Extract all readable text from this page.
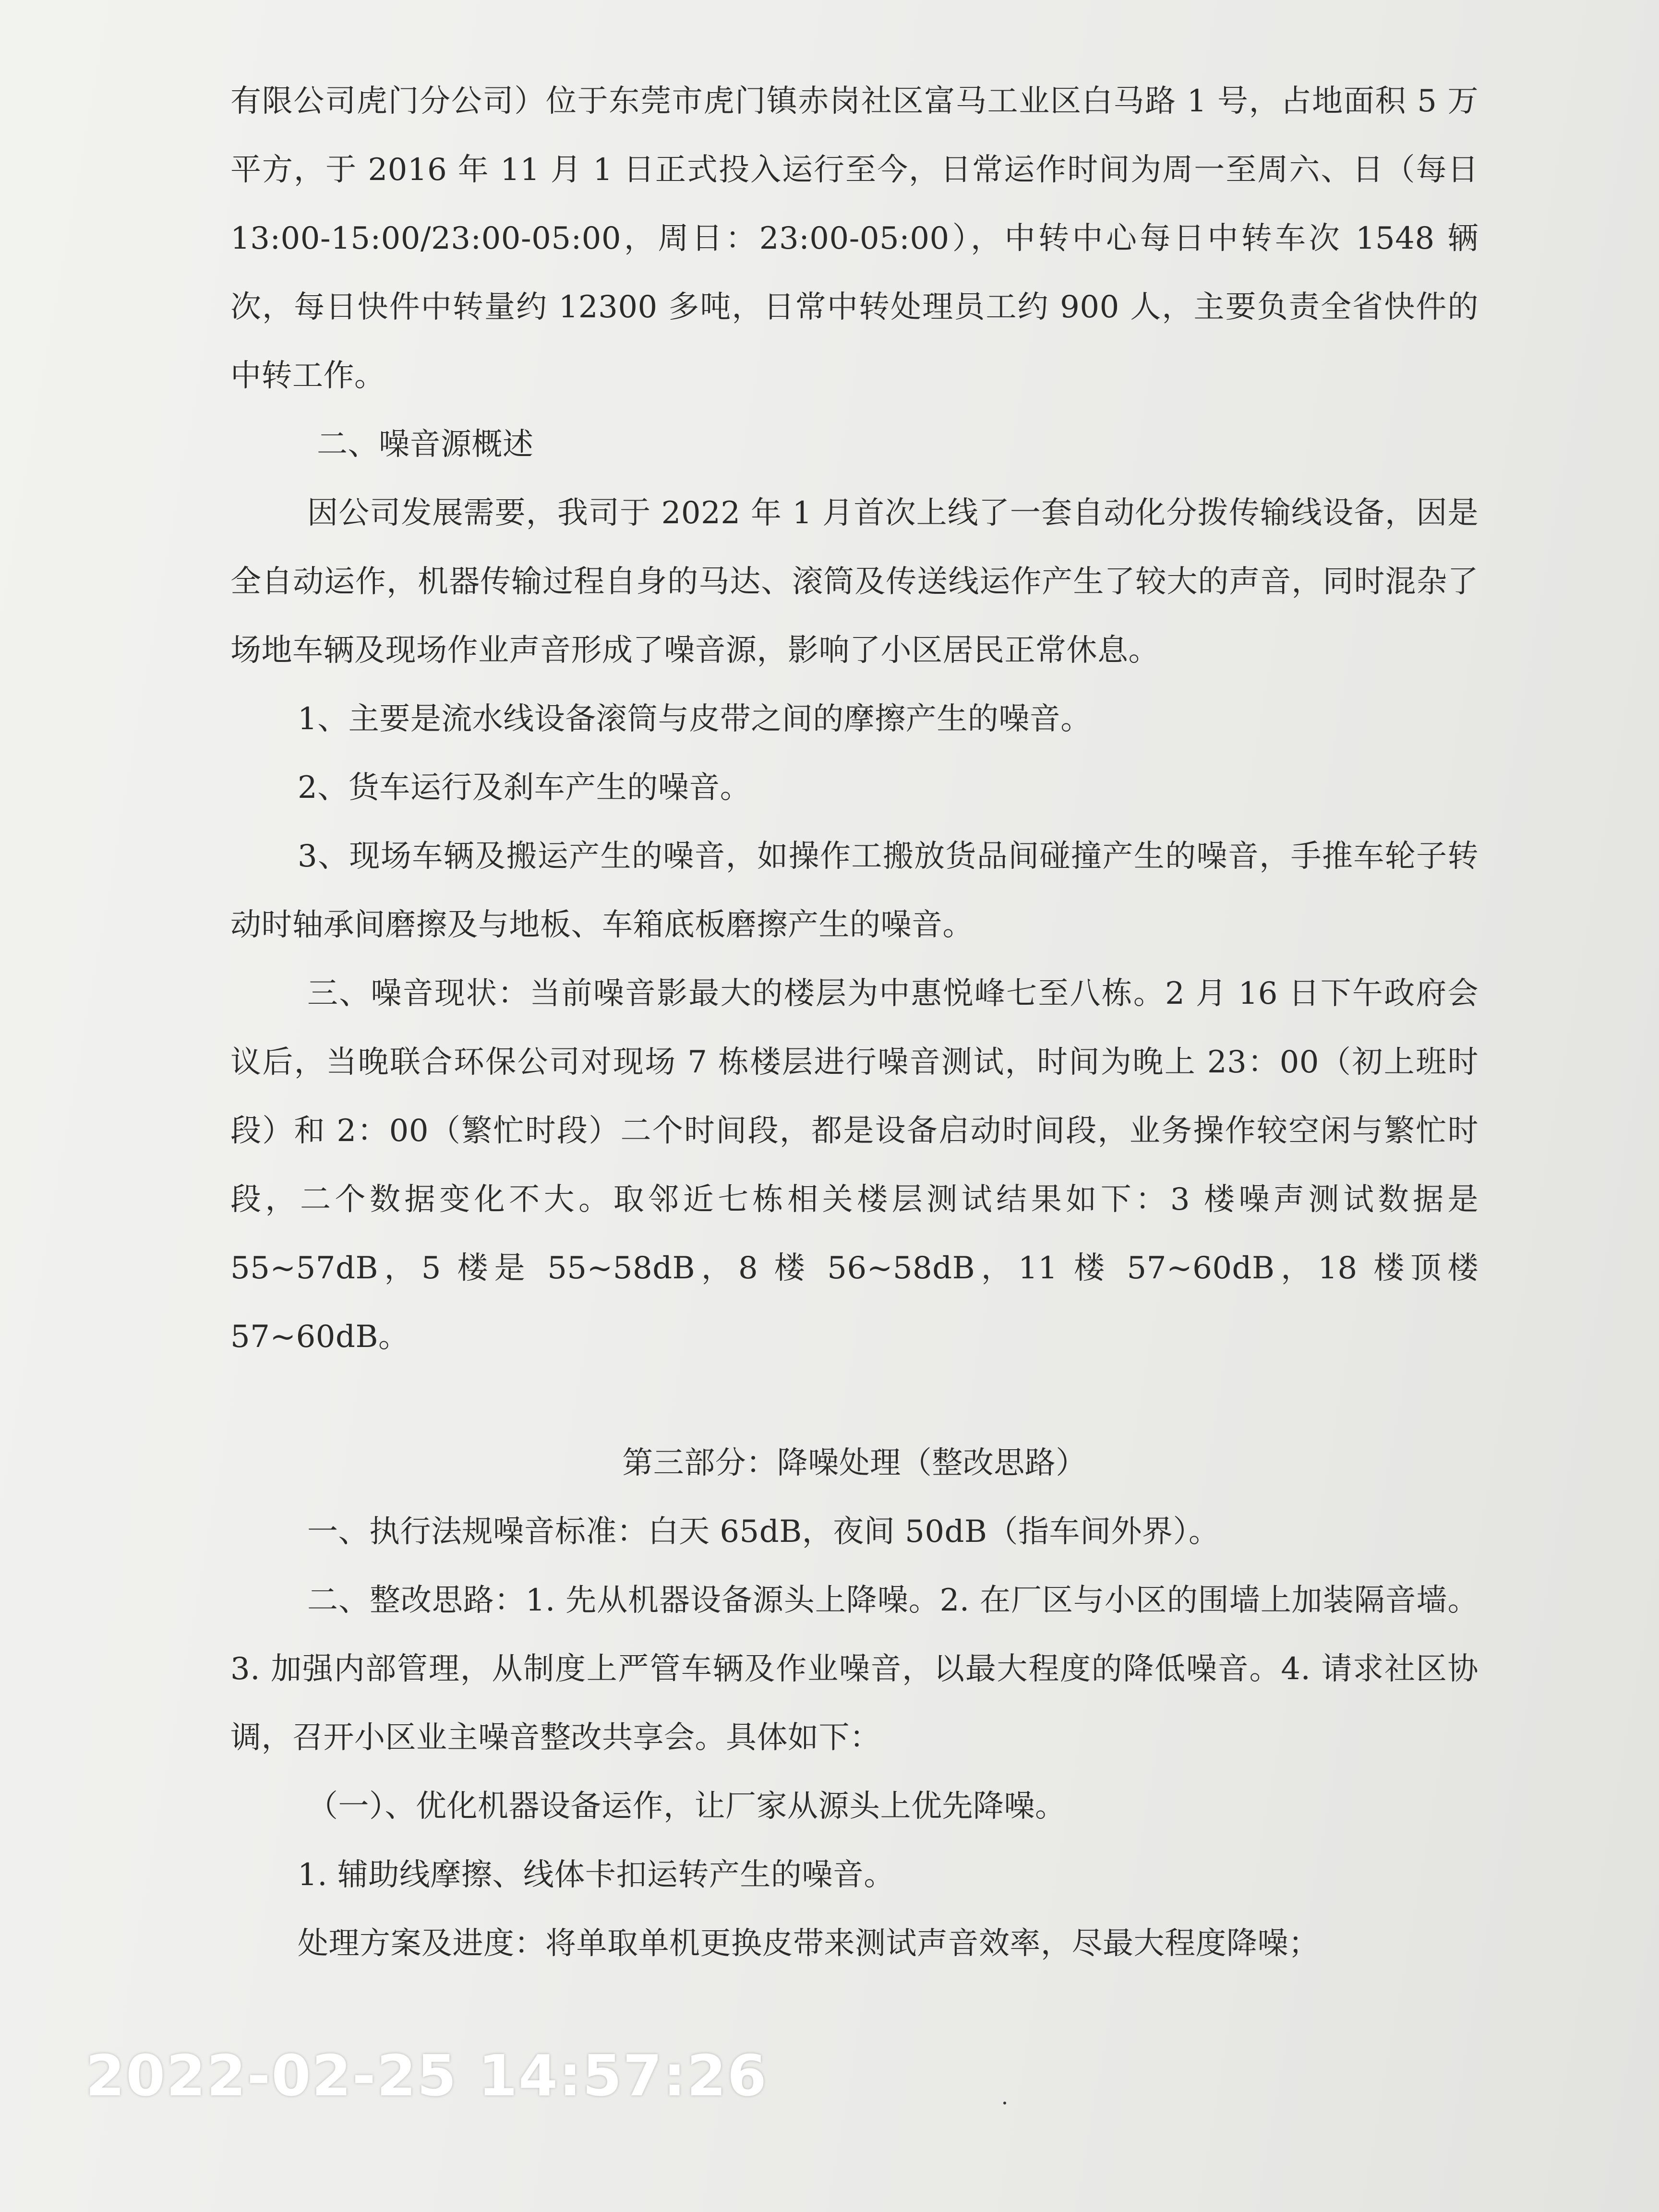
有限公司虎门分公司）位于东莞市虎门镇赤岗社区富马工业区白马路 1 号，占地面积 5 万平方，于 2016 年 11 月 1 日正式投入运行至今，日常运作时间为周一至周六、日（每日 13:00-15:00/23:00-05:00，周日：23:00-05:00），中转中心每日中转车次 1548 辆次，每日快件中转量约 12300 多吨，日常中转处理员工约 900 人，主要负责全省快件的中转工作。

二、噪音源概述

因公司发展需要，我司于 2022 年 1 月首次上线了一套自动化分拨传输线设备，因是全自动运作，机器传输过程自身的马达、滚筒及传送线运作产生了较大的声音，同时混杂了场地车辆及现场作业声音形成了噪音源，影响了小区居民正常休息。

1、主要是流水线设备滚筒与皮带之间的摩擦产生的噪音。

2、货车运行及刹车产生的噪音。

3、现场车辆及搬运产生的噪音，如操作工搬放货品间碰撞产生的噪音，手推车轮子转动时轴承间磨擦及与地板、车箱底板磨擦产生的噪音。

三、噪音现状：当前噪音影最大的楼层为中惠悦峰七至八栋。2 月 16 日下午政府会议后，当晚联合环保公司对现场 7 栋楼层进行噪音测试，时间为晚上 23：00（初上班时段）和 2：00（繁忙时段）二个时间段，都是设备启动时间段，业务操作较空闲与繁忙时段，二个数据变化不大。取邻近七栋相关楼层测试结果如下：3 楼噪声测试数据是 55~57dB，5 楼是 55~58dB，8 楼 56~58dB，11 楼 57~60dB，18 楼顶楼 57~60dB。

第三部分：降噪处理（整改思路）

一、执行法规噪音标准：白天 65dB，夜间 50dB（指车间外界）。

二、整改思路：1. 先从机器设备源头上降噪。2. 在厂区与小区的围墙上加装隔音墙。3. 加强内部管理，从制度上严管车辆及作业噪音，以最大程度的降低噪音。4. 请求社区协调，召开小区业主噪音整改共享会。具体如下：

（一）、优化机器设备运作，让厂家从源头上优先降噪。

1. 辅助线摩擦、线体卡扣运转产生的噪音。

处理方案及进度：将单取单机更换皮带来测试声音效率，尽最大程度降噪；

2022-02-25 14:57:26
